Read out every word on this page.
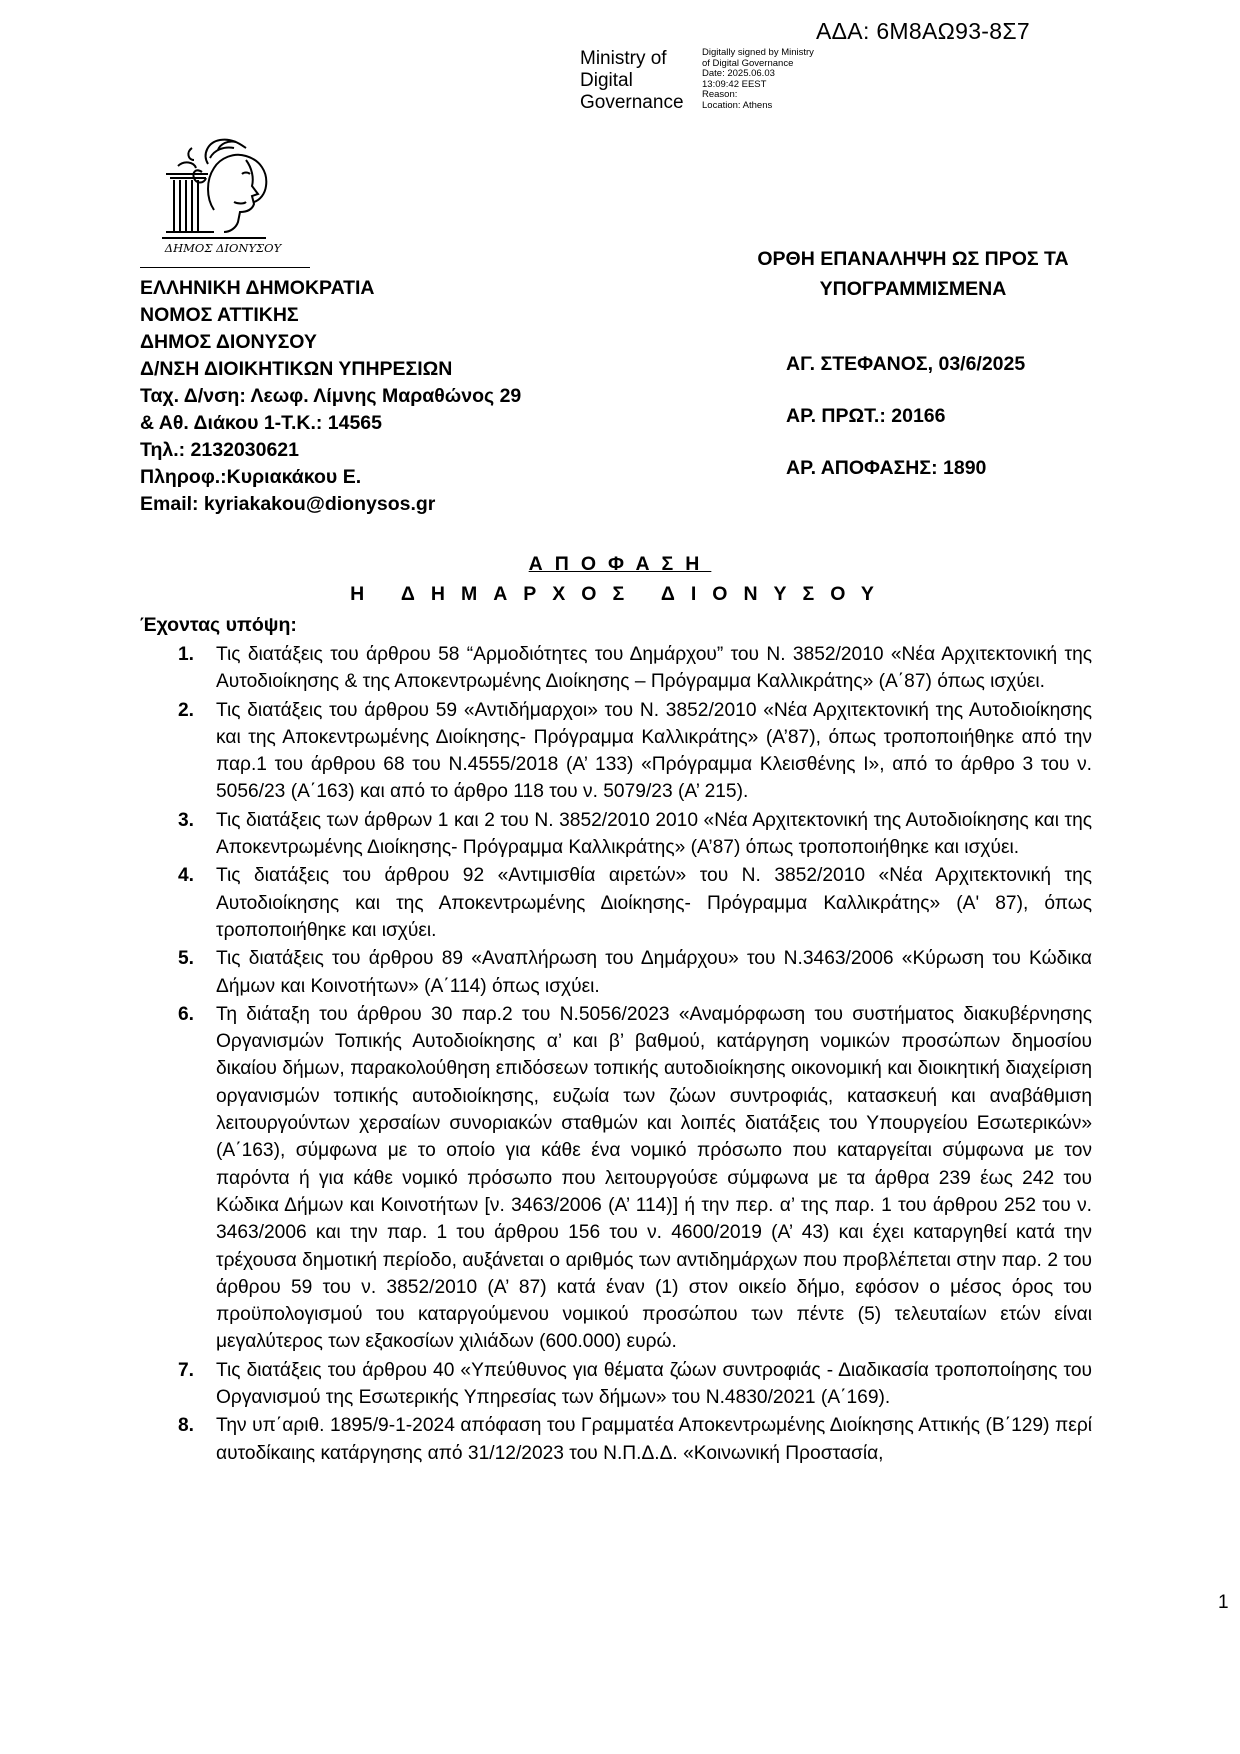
ΑΔΑ: 6Μ8ΑΩ93-8Σ7
Ministry of
Digital
Governance
Digitally signed by Ministry
of Digital Governance
Date: 2025.06.03
13:09:42 EEST
Reason:
Location: Athens
ΔΗΜΟΣ ΔΙΟΝΥΣΟΥ
ΕΛΛΗΝΙΚΗ ΔΗΜΟΚΡΑΤΙΑ
ΝΟΜΟΣ ΑΤΤΙΚΗΣ
ΔΗΜΟΣ ΔΙΟΝΥΣΟΥ
Δ/ΝΣΗ ΔΙΟΙΚΗΤΙΚΩΝ ΥΠΗΡΕΣΙΩΝ
Ταχ. Δ/νση: Λεωφ. Λίμνης Μαραθώνος 29
& Αθ. Διάκου 1-Τ.Κ.: 14565
Τηλ.: 2132030621
Πληροφ.:Κυριακάκου Ε.
Email: kyriakakou@dionysos.gr
ΟΡΘΗ ΕΠΑΝΑΛΗΨΗ ΩΣ ΠΡΟΣ ΤΑ ΥΠΟΓΡΑΜΜΙΣΜΕΝΑ
ΑΓ. ΣΤΕΦΑΝΟΣ, 03/6/2025
ΑΡ. ΠΡΩΤ.: 20166
ΑΡ. ΑΠΟΦΑΣΗΣ: 1890
ΑΠΟΦΑΣΗ
Η ΔΗΜΑΡΧΟΣ ΔΙΟΝΥΣΟΥ
Έχοντας υπόψη:
1. Τις διατάξεις του άρθρου 58 “Αρμοδιότητες του Δημάρχου” του Ν. 3852/2010 «Νέα Αρχιτεκτονική της Αυτοδιοίκησης & της Αποκεντρωμένης Διοίκησης – Πρόγραμμα Καλλικράτης» (Α΄87) όπως ισχύει.
2. Τις διατάξεις του άρθρου 59 «Αντιδήμαρχοι» του Ν. 3852/2010 «Νέα Αρχιτεκτονική της Αυτοδιοίκησης και της Αποκεντρωμένης Διοίκησης- Πρόγραμμα Καλλικράτης» (Α’87), όπως τροποποιήθηκε από την παρ.1 του άρθρου 68 του Ν.4555/2018 (Α’ 133) «Πρόγραμμα Κλεισθένης Ι», από το άρθρο 3 του ν. 5056/23 (Α΄163) και από το άρθρο 118 του ν. 5079/23 (Α’ 215).
3. Τις διατάξεις των άρθρων 1 και 2 του Ν. 3852/2010 2010 «Νέα Αρχιτεκτονική της Αυτοδιοίκησης και της Αποκεντρωμένης Διοίκησης- Πρόγραμμα Καλλικράτης» (Α’87) όπως τροποποιήθηκε και ισχύει.
4. Τις διατάξεις του άρθρου 92 «Αντιμισθία αιρετών» του Ν. 3852/2010 «Νέα Αρχιτεκτονική της Αυτοδιοίκησης και της Αποκεντρωμένης Διοίκησης- Πρόγραμμα Καλλικράτης» (Α' 87), όπως τροποποιήθηκε και ισχύει.
5. Τις διατάξεις του άρθρου 89 «Αναπλήρωση του Δημάρχου» του Ν.3463/2006 «Κύρωση του Κώδικα Δήμων και Κοινοτήτων» (Α΄114) όπως ισχύει.
6. Τη διάταξη του άρθρου 30 παρ.2 του Ν.5056/2023 «Αναμόρφωση του συστήματος διακυβέρνησης Οργανισμών Τοπικής Αυτοδιοίκησης α’ και β’ βαθμού, κατάργηση νομικών προσώπων δημοσίου δικαίου δήμων, παρακολούθηση επιδόσεων τοπικής αυτοδιοίκησης οικονομική και διοικητική διαχείριση οργανισμών τοπικής αυτοδιοίκησης, ευζωία των ζώων συντροφιάς, κατασκευή και αναβάθμιση λειτουργούντων χερσαίων συνοριακών σταθμών και λοιπές διατάξεις του Υπουργείου Εσωτερικών» (Α΄163), σύμφωνα με το οποίο για κάθε ένα νομικό πρόσωπο που καταργείται σύμφωνα με τον παρόντα ή για κάθε νομικό πρόσωπο που λειτουργούσε σύμφωνα με τα άρθρα 239 έως 242 του Κώδικα Δήμων και Κοινοτήτων [ν. 3463/2006 (Α’ 114)] ή την περ. α’ της παρ. 1 του άρθρου 252 του ν. 3463/2006 και την παρ. 1 του άρθρου 156 του ν. 4600/2019 (Α’ 43) και έχει καταργηθεί κατά την τρέχουσα δημοτική περίοδο, αυξάνεται ο αριθμός των αντιδημάρχων που προβλέπεται στην παρ. 2 του άρθρου 59 του ν. 3852/2010 (Α’ 87) κατά έναν (1) στον οικείο δήμο, εφόσον ο μέσος όρος του προϋπολογισμού του καταργούμενου νομικού προσώπου των πέντε (5) τελευταίων ετών είναι μεγαλύτερος των εξακοσίων χιλιάδων (600.000) ευρώ.
7. Τις διατάξεις του άρθρου 40 «Υπεύθυνος για θέματα ζώων συντροφιάς - Διαδικασία τροποποίησης του Οργανισμού της Εσωτερικής Υπηρεσίας των δήμων» του Ν.4830/2021 (Α΄169).
8. Την υπ΄αριθ. 1895/9-1-2024 απόφαση του Γραμματέα Αποκεντρωμένης Διοίκησης Αττικής (Β΄129) περί αυτοδίκαιης κατάργησης από 31/12/2023 του Ν.Π.Δ.Δ. «Κοινωνική Προστασία,
1
